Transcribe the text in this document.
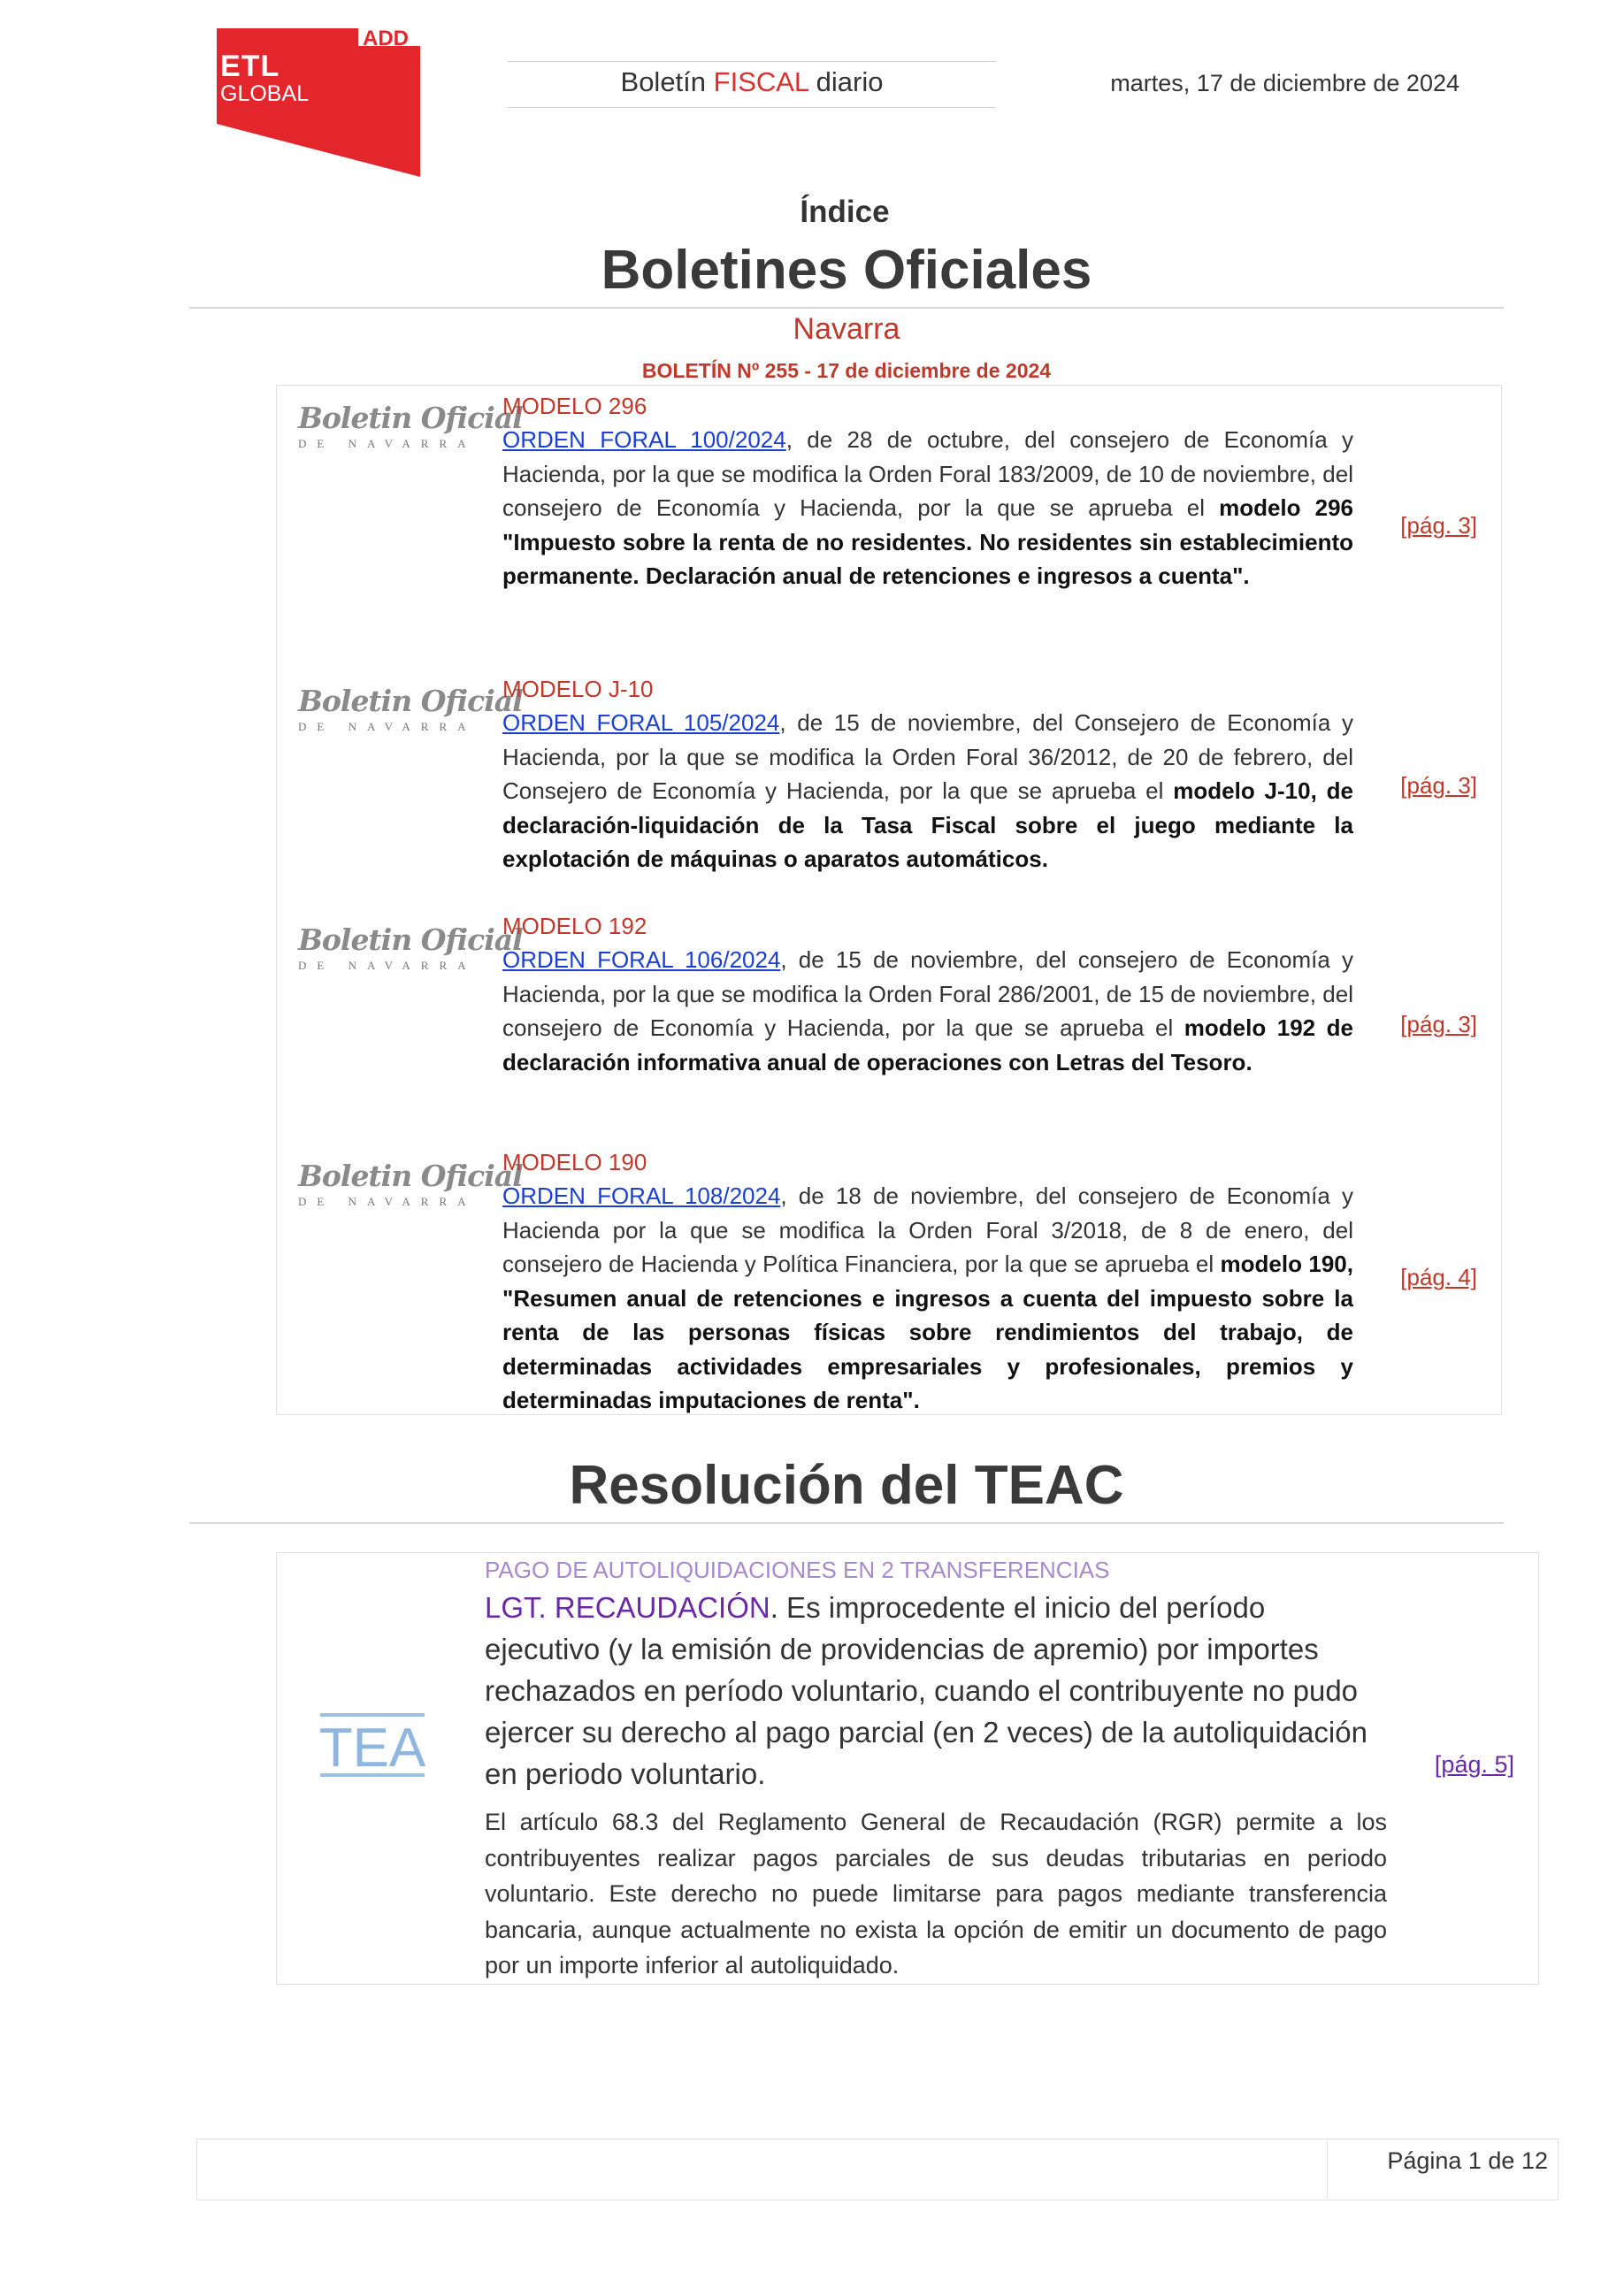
ADD
ETL
GLOBAL	Boletín FISCAL diario	martes, 17 de diciembre de 2024
Índice
Boletines Oficiales
Navarra
BOLETÍN Nº 255 - 17 de diciembre de 2024
Boletin Oficial
DE NAVARRA
MODELO 296
ORDEN FORAL 100/2024, de 28 de octubre, del consejero de Economía y Hacienda, por la que se modifica la Orden Foral 183/2009, de 10 de noviembre, del consejero de Economía y Hacienda, por la que se aprueba el modelo 296 "Impuesto sobre la renta de no residentes. No residentes sin establecimiento permanente. Declaración anual de retenciones e ingresos a cuenta".
[pág. 3]
Boletin Oficial
DE NAVARRA
MODELO J-10
ORDEN FORAL 105/2024, de 15 de noviembre, del Consejero de Economía y Hacienda, por la que se modifica la Orden Foral 36/2012, de 20 de febrero, del Consejero de Economía y Hacienda, por la que se aprueba el modelo J-10, de declaración-liquidación de la Tasa Fiscal sobre el juego mediante la explotación de máquinas o aparatos automáticos.
[pág. 3]
Boletin Oficial
DE NAVARRA
MODELO 192
ORDEN FORAL 106/2024, de 15 de noviembre, del consejero de Economía y Hacienda, por la que se modifica la Orden Foral 286/2001, de 15 de noviembre, del consejero de Economía y Hacienda, por la que se aprueba el modelo 192 de declaración informativa anual de operaciones con Letras del Tesoro.
[pág. 3]
Boletin Oficial
DE NAVARRA
MODELO 190
ORDEN FORAL 108/2024, de 18 de noviembre, del consejero de Economía y Hacienda por la que se modifica la Orden Foral 3/2018, de 8 de enero, del consejero de Hacienda y Política Financiera, por la que se aprueba el modelo 190, "Resumen anual de retenciones e ingresos a cuenta del impuesto sobre la renta de las personas físicas sobre rendimientos del trabajo, de determinadas actividades empresariales y profesionales, premios y determinadas imputaciones de renta".
[pág. 4]
Resolución del TEAC
TEA
PAGO DE AUTOLIQUIDACIONES EN 2 TRANSFERENCIAS
LGT. RECAUDACIÓN. Es improcedente el inicio del período ejecutivo (y la emisión de providencias de apremio) por importes rechazados en período voluntario, cuando el contribuyente no pudo ejercer su derecho al pago parcial (en 2 veces) de la autoliquidación en periodo voluntario.
El artículo 68.3 del Reglamento General de Recaudación (RGR) permite a los contribuyentes realizar pagos parciales de sus deudas tributarias en periodo voluntario. Este derecho no puede limitarse para pagos mediante transferencia bancaria, aunque actualmente no exista la opción de emitir un documento de pago por un importe inferior al autoliquidado.
[pág. 5]
Página 1 de 12
